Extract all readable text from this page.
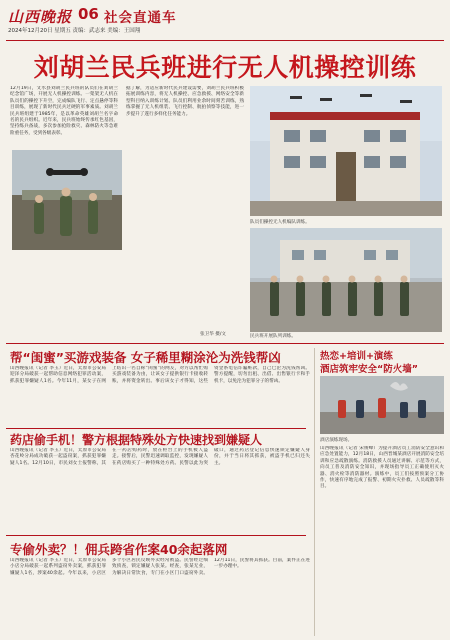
山西晚报 06 社会直通车
2024年12月20日 星期五 责编：武志来 美编：王国翔
刘胡兰民兵班进行无人机操控训练
12月19日，文水县刘胡兰民兵班的队员们在刘胡兰纪念馆广场，开展无人机操控训练。一架架无人机在队员们的操控下升空，完成编队飞行、定点悬停等科目训练，展现了新时代民兵过硬的军事素质。刘胡兰民兵班组建于1985年，是以革命英雄刘胡兰名字命名的民兵组织。近年来，民兵班始终传承红色基因，坚持练兵备战，多次参加抢险救灾、森林防火等急难险重任务，受到各级表彰。
据了解，为适应新时代民兵建设需要，刘胡兰民兵班积极拓展训练内容，将无人机操控、应急救援、网络安全等新型科目纳入训练计划。队员们利用业余时间刻苦训练，熟练掌握了无人机组装、飞行控制、航拍侦察等技能，进一步提升了遂行多样化任务能力。
张卫华 摄/文
队员们操控无人机编队训练。
民兵班开展队列训练。
帮“闺蜜”买游戏装备 女子稀里糊涂沦为洗钱帮凶
山西晚报讯（记者 李玉）近日，太原市公安局迎泽分局破获一起帮助信息网络犯罪活动案，抓获犯罪嫌疑人1名。今年11月，某女子在网上结识一名自称“闺蜜”的网友，对方以帮忙购买游戏装备为由，让该女子提供银行卡接收转账，并将资金转出。事后该女子才得知，这些资金系电信诈骗赃款，自己已沦为洗钱帮凶。警方提醒，切勿出租、出借、出售银行卡和手机卡，以免沦为犯罪分子的帮凶。
药店偷手机！警方根据特殊处方快速找到嫌疑人
山西晚报讯（记者 李玉）近日，太原市公安局杏花岭分局成功破获一起盗窃案，抓获犯罪嫌疑人1名。12月10日，市民刘女士报警称，其在一药店购药时，放在柜台上的手机被人盗走。接警后，民警迅速调取监控，发现嫌疑人在药店购买了一种特殊处方药。民警以此为突破口，通过药店登记信息快速锁定嫌疑人身份，并于当日将其抓获，被盗手机已归还失主。
专偷外卖？！佣兵跨省作案40余起落网
山西晚报讯（记者 李玉）近日，太原市公安局小店分局破获一起系列盗窃外卖案，抓获犯罪嫌疑人1名，涉案40余起。今年以来，小店区多个小区居民反映外卖经常被盗。民警经过细致侦查，锁定嫌疑人张某。经查，张某无业，为解决日常饮食，专门在小区门口盗窃外卖。12月11日，民警将其抓获。目前，案件正在进一步办理中。
热恋+培训+演练
酒店筑牢安全“防火墙”
酒店演练现场。
山西晚报讯（记者 宋俊峰）为提升酒店员工消防安全意识和应急处置能力，12月18日，山西晋城某酒店开展消防安全培训和应急疏散演练。消防救援人员通过讲解、示范等方式，向员工普及消防安全知识，并现场指导员工正确使用灭火器、消火栓等消防器材。演练中，员工们按照预案分工协作，快速有序地完成了报警、初期火灾扑救、人员疏散等科目。
